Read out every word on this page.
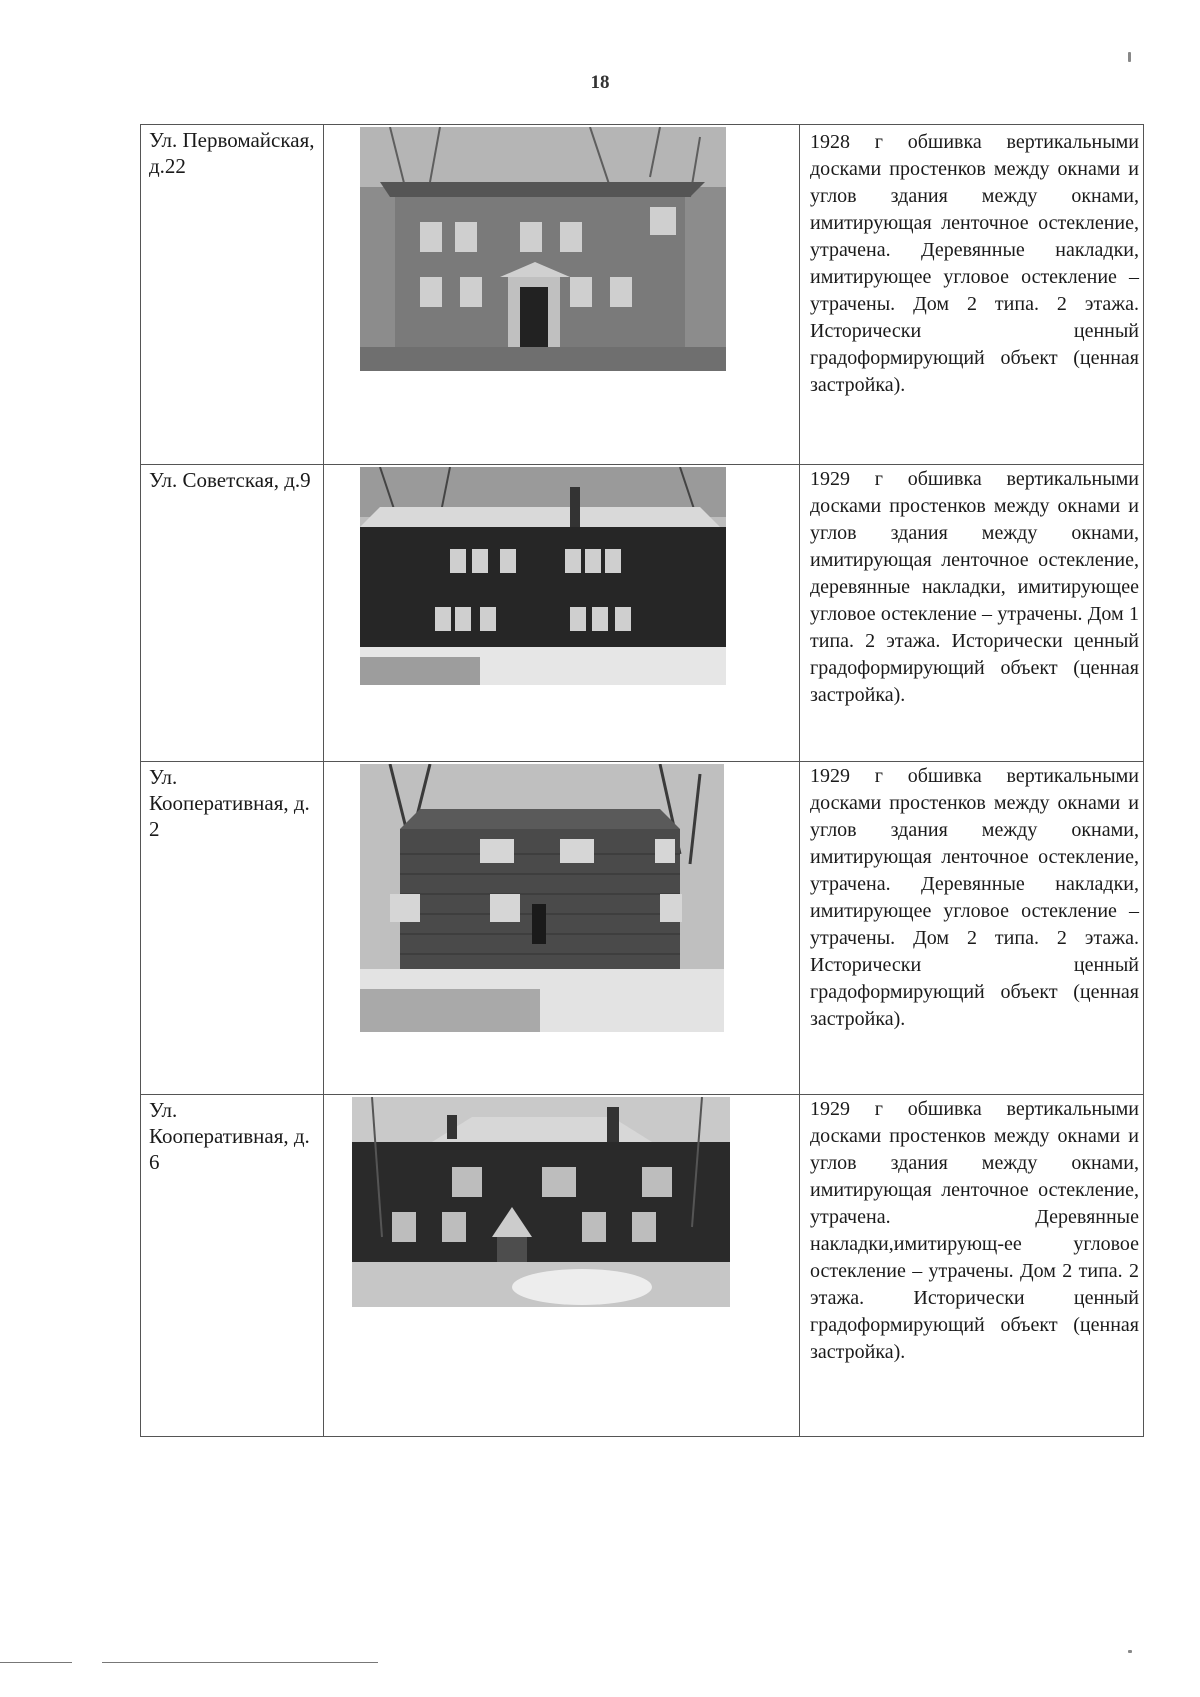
18
Ул. Первомайская, д.22		1928 г обшивка вертикальными досками простенков между окнами и углов здания между окнами, имитирующая ленточное остекление, утрачена. Деревянные накладки, имитирующее угловое остекление – утрачены. Дом 2 типа. 2 этажа. Исторически ценный градоформирующий объект (ценная застройка).

Ул. Советская, д.9		1929 г обшивка вертикальными досками простенков между окнами и углов здания между окнами, имитирующая ленточное остекление, деревянные накладки, имитирующее угловое остекление – утрачены. Дом 1 типа. 2 этажа. Исторически ценный градоформирующий объект (ценная застройка).

Ул. Кооперативная, д. 2		1929 г обшивка вертикальными досками простенков между окнами и углов здания между окнами, имитирующая ленточное остекление, утрачена. Деревянные накладки, имитирующее угловое остекление – утрачены. Дом 2 типа. 2 этажа. Исторически ценный градоформирующий объект (ценная застройка).

Ул. Кооперативная, д. 6		1929 г обшивка вертикальными досками простенков между окнами и углов здания между окнами, имитирующая ленточное остекление, утрачена. Деревянные накладки,имитирующ-ее угловое остекление – утрачены. Дом 2 типа. 2 этажа. Исторически ценный градоформирующий объект (ценная застройка).
